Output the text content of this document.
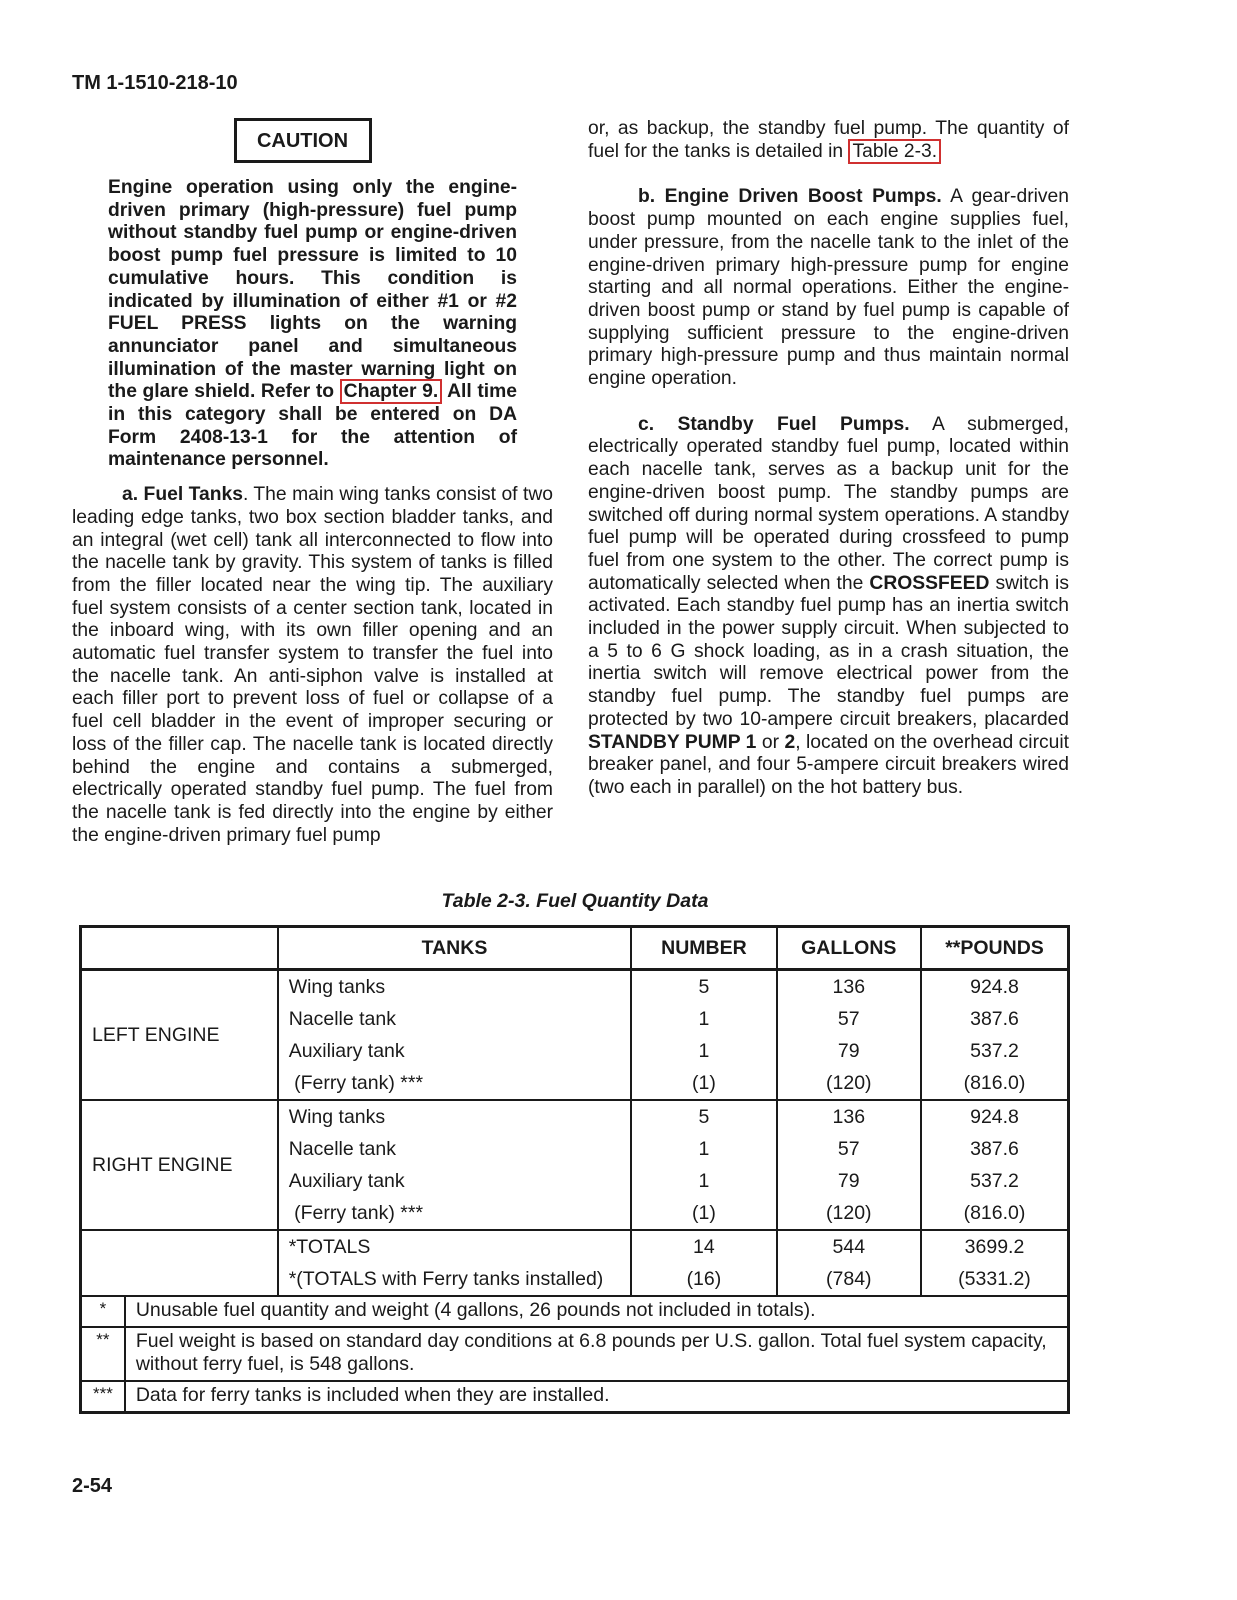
TM 1-1510-218-10
CAUTION

Engine operation using only the engine-driven primary (high-pressure) fuel pump without standby fuel pump or engine-driven boost pump fuel pressure is limited to 10 cumulative hours. This condition is indicated by illumination of either #1 or #2 FUEL PRESS lights on the warning annunciator panel and simultaneous illumination of the master warning light on the glare shield. Refer to Chapter 9. All time in this category shall be entered on DA Form 2408-13-1 for the attention of maintenance personnel.

a. Fuel Tanks. The main wing tanks consist of two leading edge tanks, two box section bladder tanks, and an integral (wet cell) tank all interconnected to flow into the nacelle tank by gravity. This system of tanks is filled from the filler located near the wing tip. The auxiliary fuel system consists of a center section tank, located in the inboard wing, with its own filler opening and an automatic fuel transfer system to transfer the fuel into the nacelle tank. An anti-siphon valve is installed at each filler port to prevent loss of fuel or collapse of a fuel cell bladder in the event of improper securing or loss of the filler cap. The nacelle tank is located directly behind the engine and contains a submerged, electrically operated standby fuel pump. The fuel from the nacelle tank is fed directly into the engine by either the engine-driven primary fuel pump

or, as backup, the standby fuel pump. The quantity of fuel for the tanks is detailed in Table 2-3.

b. Engine Driven Boost Pumps. A gear-driven boost pump mounted on each engine supplies fuel, under pressure, from the nacelle tank to the inlet of the engine-driven primary high-pressure pump for engine starting and all normal operations. Either the engine-driven boost pump or stand by fuel pump is capable of supplying sufficient pressure to the engine-driven primary high-pressure pump and thus maintain normal engine operation.

c. Standby Fuel Pumps. A submerged, electrically operated standby fuel pump, located within each nacelle tank, serves as a backup unit for the engine-driven boost pump. The standby pumps are switched off during normal system operations. A standby fuel pump will be operated during crossfeed to pump fuel from one system to the other. The correct pump is automatically selected when the CROSSFEED switch is activated. Each standby fuel pump has an inertia switch included in the power supply circuit. When subjected to a 5 to 6 G shock loading, as in a crash situation, the inertia switch will remove electrical power from the standby fuel pump. The standby fuel pumps are protected by two 10-ampere circuit breakers, placarded STANDBY PUMP 1 or 2, located on the overhead circuit breaker panel, and four 5-ampere circuit breakers wired (two each in parallel) on the hot battery bus.

Table 2-3. Fuel Quantity Data
		TANKS	NUMBER	GALLONS	**POUNDS
LEFT ENGINE		Wing tanks	5	136	924.8
		Nacelle tank	1	57	387.6
		Auxiliary tank	1	79	537.2
		(Ferry tank) ***	(1)	(120)	(816.0)
RIGHT ENGINE		Wing tanks	5	136	924.8
		Nacelle tank	1	57	387.6
		Auxiliary tank	1	79	537.2
		(Ferry tank) ***	(1)	(120)	(816.0)
		*TOTALS	14	544	3699.2
		*(TOTALS with Ferry tanks installed)	(16)	(784)	(5331.2)
*	Unusable fuel quantity and weight (4 gallons, 26 pounds not included in totals).				
**	Fuel weight is based on standard day conditions at 6.8 pounds per U.S. gallon. Total fuel system capacity, without ferry fuel, is 548 gallons.				
***	Data for ferry tanks is included when they are installed.				
2-54
